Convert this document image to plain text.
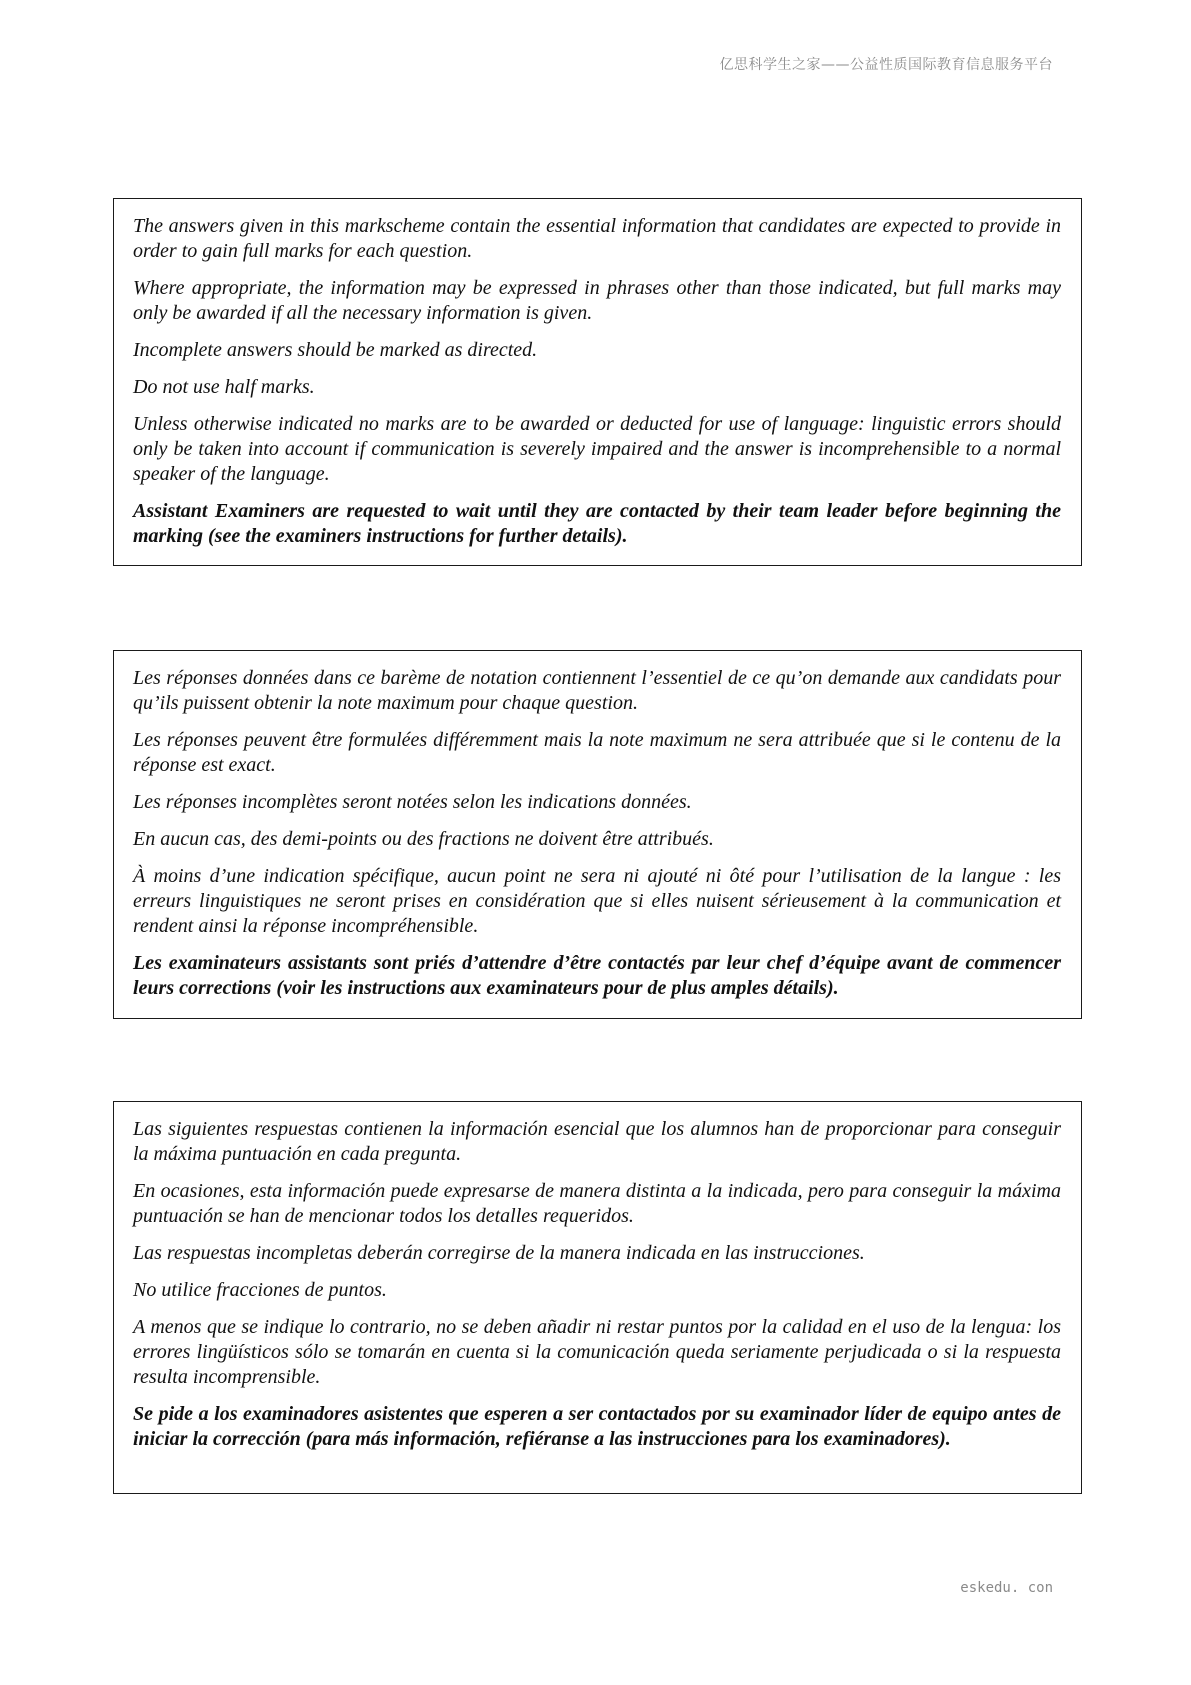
亿思科学生之家——公益性质国际教育信息服务平台

The answers given in this markscheme contain the essential information that candidates are expected to provide in order to gain full marks for each question.

Where appropriate, the information may be expressed in phrases other than those indicated, but full marks may only be awarded if all the necessary information is given.

Incomplete answers should be marked as directed.

Do not use half marks.

Unless otherwise indicated no marks are to be awarded or deducted for use of language: linguistic errors should only be taken into account if communication is severely impaired and the answer is incomprehensible to a normal speaker of the language.

Assistant Examiners are requested to wait until they are contacted by their team leader before beginning the marking (see the examiners instructions for further details).

Les réponses données dans ce barème de notation contiennent l’essentiel de ce qu’on demande aux candidats pour qu’ils puissent obtenir la note maximum pour chaque question.

Les réponses peuvent être formulées différemment mais la note maximum ne sera attribuée que si le contenu de la réponse est exact.

Les réponses incomplètes seront notées selon les indications données.

En aucun cas, des demi-points ou des fractions ne doivent être attribués.

À moins d’une indication spécifique, aucun point ne sera ni ajouté ni ôté pour l’utilisation de la langue : les erreurs linguistiques ne seront prises en considération que si elles nuisent sérieusement à la communication et rendent ainsi la réponse incompréhensible.

Les examinateurs assistants sont priés d’attendre d’être contactés par leur chef d’équipe avant de commencer leurs corrections (voir les instructions aux examinateurs pour de plus amples détails).

Las siguientes respuestas contienen la información esencial que los alumnos han de proporcionar para conseguir la máxima puntuación en cada pregunta.

En ocasiones, esta información puede expresarse de manera distinta a la indicada, pero para conseguir la máxima puntuación se han de mencionar todos los detalles requeridos.

Las respuestas incompletas deberán corregirse de la manera indicada en las instrucciones.

No utilice fracciones de puntos.

A menos que se indique lo contrario, no se deben añadir ni restar puntos por la calidad en el uso de la lengua: los errores lingüísticos sólo se tomarán en cuenta si la comunicación queda seriamente perjudicada o si la respuesta resulta incomprensible.

Se pide a los examinadores asistentes que esperen a ser contactados por su examinador líder de equipo antes de iniciar la corrección (para más información, refiéranse a las instrucciones para los examinadores).

eskedu. con
